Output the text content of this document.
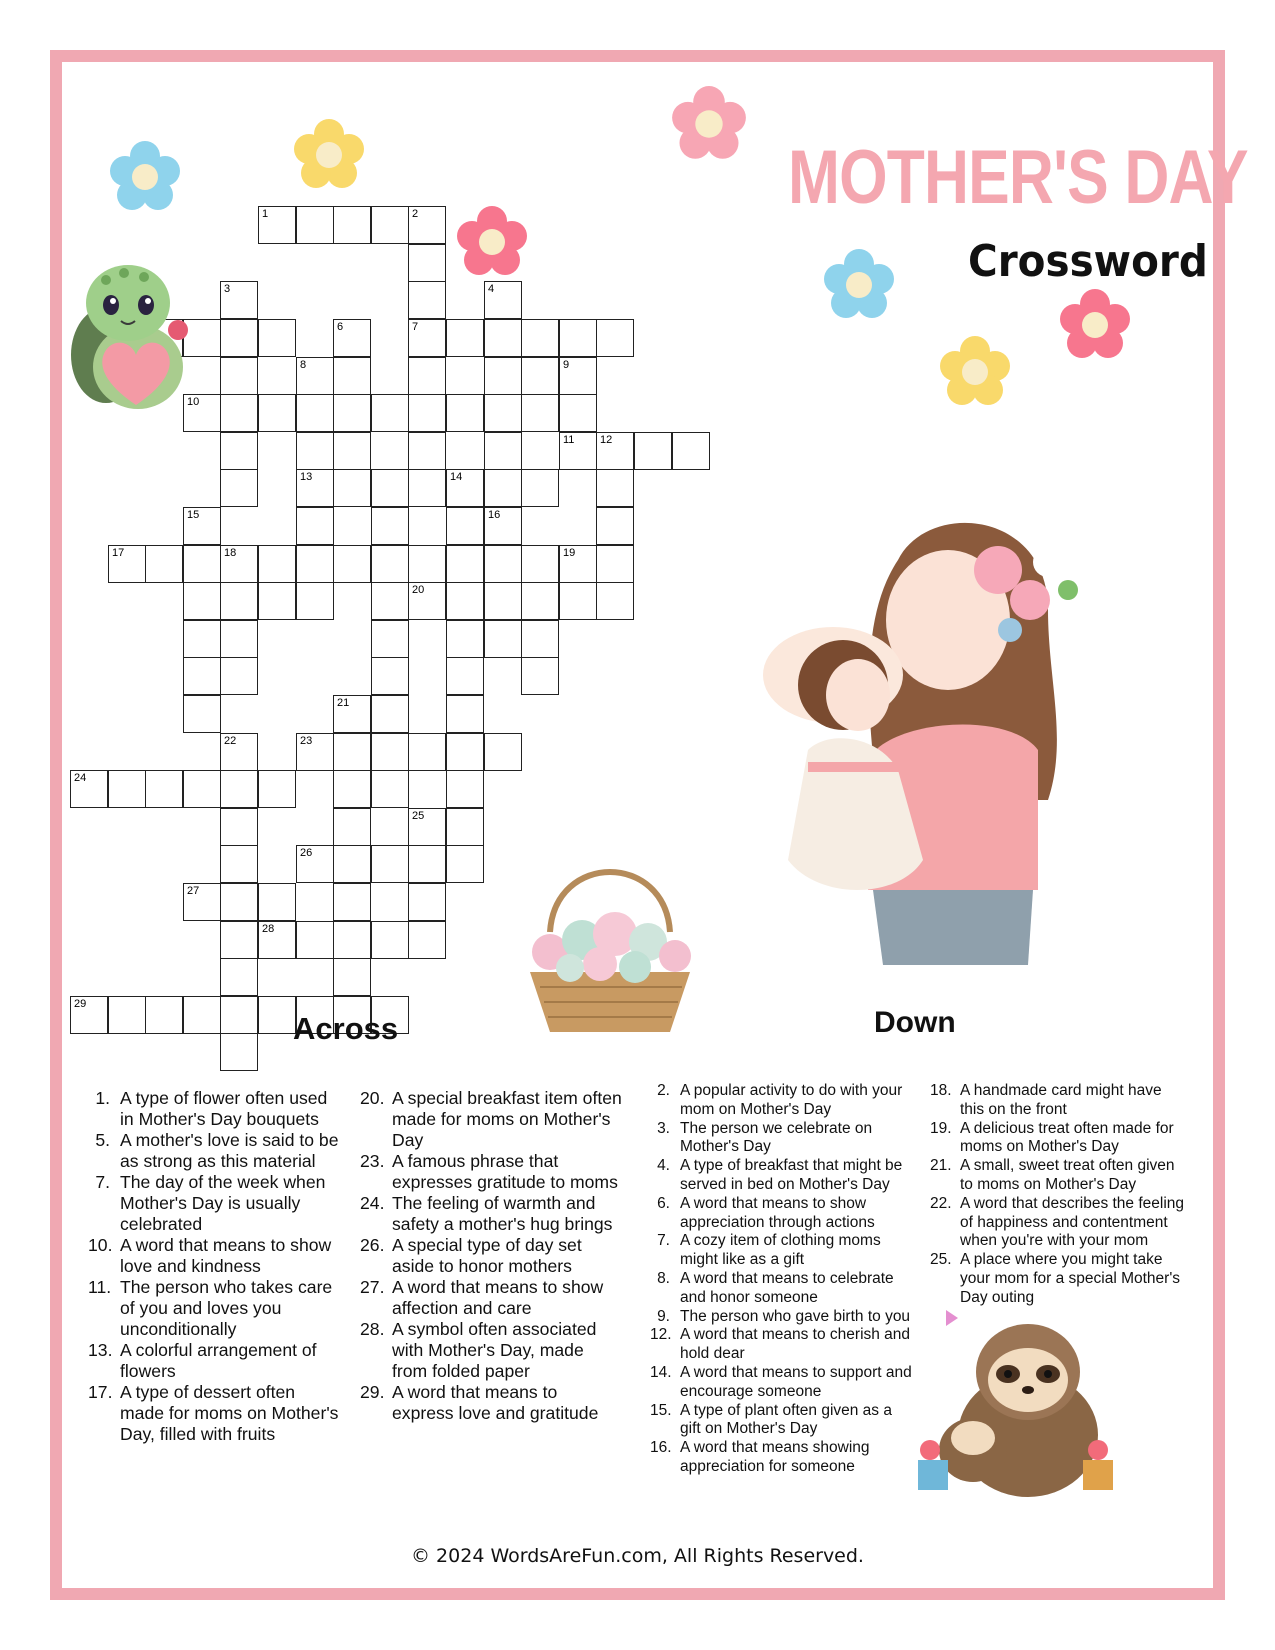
MOTHER'S DAY
Crossword
1	2
3	4
6	7
8	9
10
11 12
13	14
15	16
17	18	19
20
21
22	23
24
25
26
27
28
29
Across	Down
1. A type of flower often used in Mother's Day bouquets
5. A mother's love is said to be as strong as this material
7. The day of the week when Mother's Day is usually celebrated
10. A word that means to show love and kindness
11. The person who takes care of you and loves you unconditionally
13. A colorful arrangement of flowers
17. A type of dessert often made for moms on Mother's Day, filled with fruits
20. A special breakfast item often made for moms on Mother's Day
23. A famous phrase that expresses gratitude to moms
24. The feeling of warmth and safety a mother's hug brings
26. A special type of day set aside to honor mothers
27. A word that means to show affection and care
28. A symbol often associated with Mother's Day, made from folded paper
29. A word that means to express love and gratitude
2. A popular activity to do with your mom on Mother's Day
3. The person we celebrate on Mother's Day
4. A type of breakfast that might be served in bed on Mother's Day
6. A word that means to show appreciation through actions
7. A cozy item of clothing moms might like as a gift
8. A word that means to celebrate and honor someone
9. The person who gave birth to you
12. A word that means to cherish and hold dear
14. A word that means to support and encourage someone
15. A type of plant often given as a gift on Mother's Day
16. A word that means showing appreciation for someone
18. A handmade card might have this on the front
19. A delicious treat often made for moms on Mother's Day
21. A small, sweet treat often given to moms on Mother's Day
22. A word that describes the feeling of happiness and contentment when you're with your mom
25. A place where you might take your mom for a special Mother's Day outing
© 2024 WordsAreFun.com, All Rights Reserved.
